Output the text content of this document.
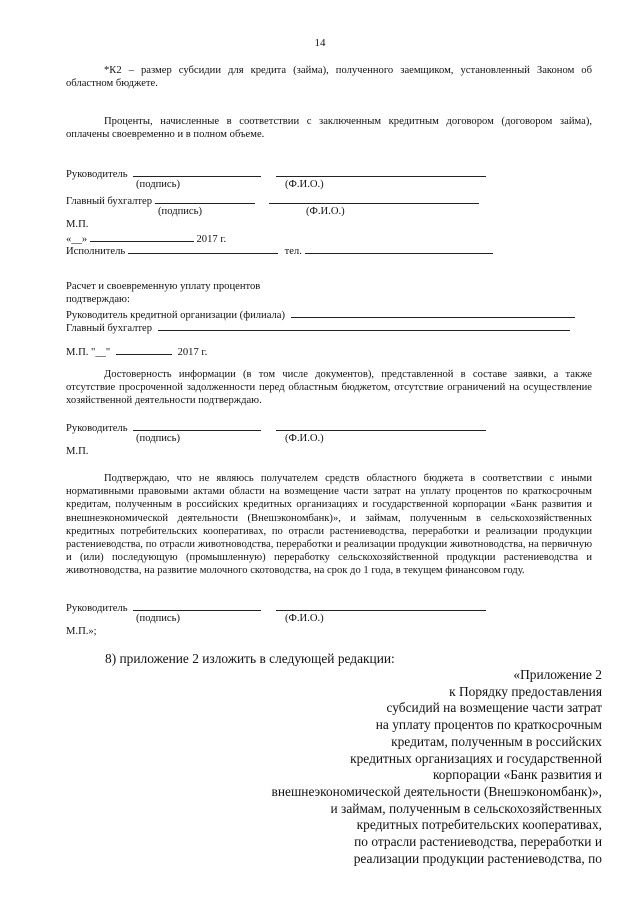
14
*К2 – размер субсидии для кредита (займа), полученного заемщиком, установленный Законом об областном бюджете.
Проценты, начисленные в соответствии с заключенным кредитным договором (договором займа), оплачены своевременно и в полном объеме.
Руководитель
(подпись)	(Ф.И.О.)
Главный бухгалтер
(подпись)	(Ф.И.О.)
М.П.
«__»	2017 г.
Исполнитель	тел.
Расчет и своевременную уплату процентов
подтверждаю:
Руководитель кредитной организации (филиала)
Главный бухгалтер
М.П. "__"	2017 г.
Достоверность информации (в том числе документов), представленной в составе заявки, а также отсутствие просроченной задолженности перед областным бюджетом, отсутствие ограничений на осуществление хозяйственной деятельности подтверждаю.
Руководитель
(подпись)	(Ф.И.О.)
М.П.
Подтверждаю, что не являюсь получателем средств областного бюджета в соответствии с иными нормативными правовыми актами области на возмещение части затрат на уплату процентов по краткосрочным кредитам, полученным в российских кредитных организациях и государственной корпорации «Банк развития и внешнеэкономической деятельности (Внешэкономбанк)», и займам, полученным в сельскохозяйственных кредитных потребительских кооперативах, по отрасли растениеводства, переработки и реализации продукции растениеводства, по отрасли животноводства, переработки и реализации продукции животноводства, на первичную и (или) последующую (промышленную) переработку сельскохозяйственной продукции растениеводства и животноводства, на развитие молочного скотоводства, на срок до 1 года, в текущем финансовом году.
Руководитель
(подпись)	(Ф.И.О.)
М.П.»;
8) приложение 2 изложить в следующей редакции:
«Приложение 2
к Порядку предоставления
субсидий на возмещение части затрат
на уплату процентов по краткосрочным
кредитам, полученным в российских
кредитных организациях и государственной
корпорации «Банк развития и
внешнеэкономической деятельности (Внешэкономбанк)»,
и займам, полученным в сельскохозяйственных
кредитных потребительских кооперативах,
по отрасли растениеводства, переработки и
реализации продукции растениеводства, по
